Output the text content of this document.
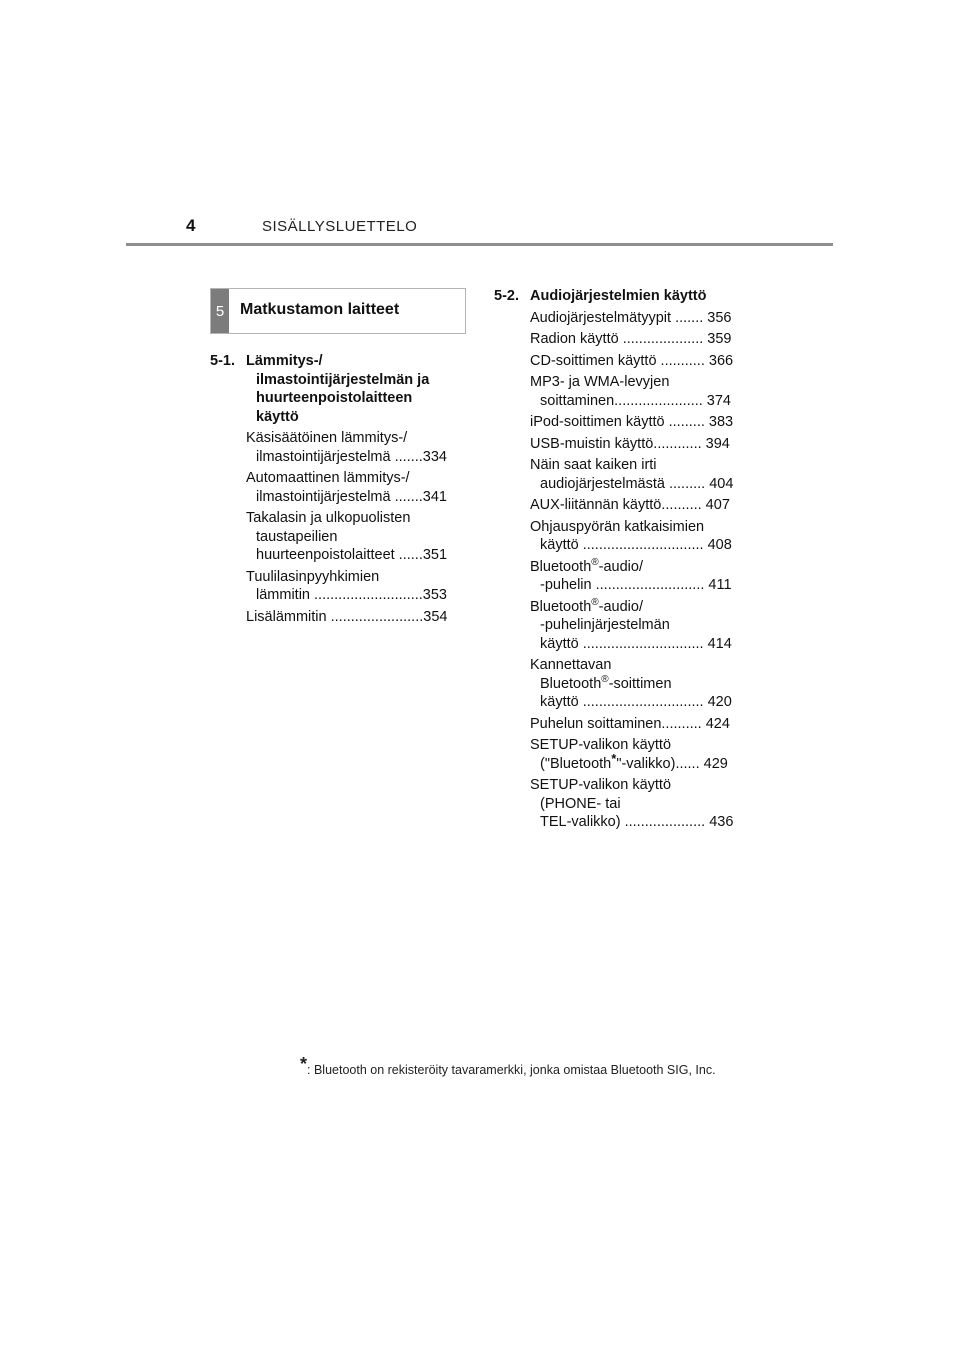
4	SISÄLLYSLUETTELO
5 Matkustamon laitteet
5-1. Lämmitys-/
ilmastointijärjestelmän ja
huurteenpoistolaitteen
käyttö
Käsisäätöinen lämmitys-/
ilmastointijärjestelmä .......334
Automaattinen lämmitys-/
ilmastointijärjestelmä .......341
Takalasin ja ulkopuolisten
taustapeilien
huurteenpoistolaitteet ......351
Tuulilasinpyyhkimien
lämmitin ...........................353
Lisälämmitin .......................354
5-2. Audiojärjestelmien käyttö
Audiojärjestelmätyypit ....... 356
Radion käyttö .................... 359
CD-soittimen käyttö ........... 366
MP3- ja WMA-levyjen
soittaminen...................... 374
iPod-soittimen käyttö ......... 383
USB-muistin käyttö............ 394
Näin saat kaiken irti
audiojärjestelmästä ......... 404
AUX-liitännän käyttö.......... 407
Ohjauspyörän katkaisimien
käyttö .............................. 408
Bluetooth®-audio/
-puhelin ........................... 411
Bluetooth®-audio/
-puhelinjärjestelmän
käyttö .............................. 414
Kannettavan
Bluetooth®-soittimen
käyttö .............................. 420
Puhelun soittaminen.......... 424
SETUP-valikon käyttö
("Bluetooth*"-valikko)...... 429
SETUP-valikon käyttö
(PHONE- tai
TEL-valikko) .................... 436
*: Bluetooth on rekisteröity tavaramerkki, jonka omistaa Bluetooth SIG, Inc.
